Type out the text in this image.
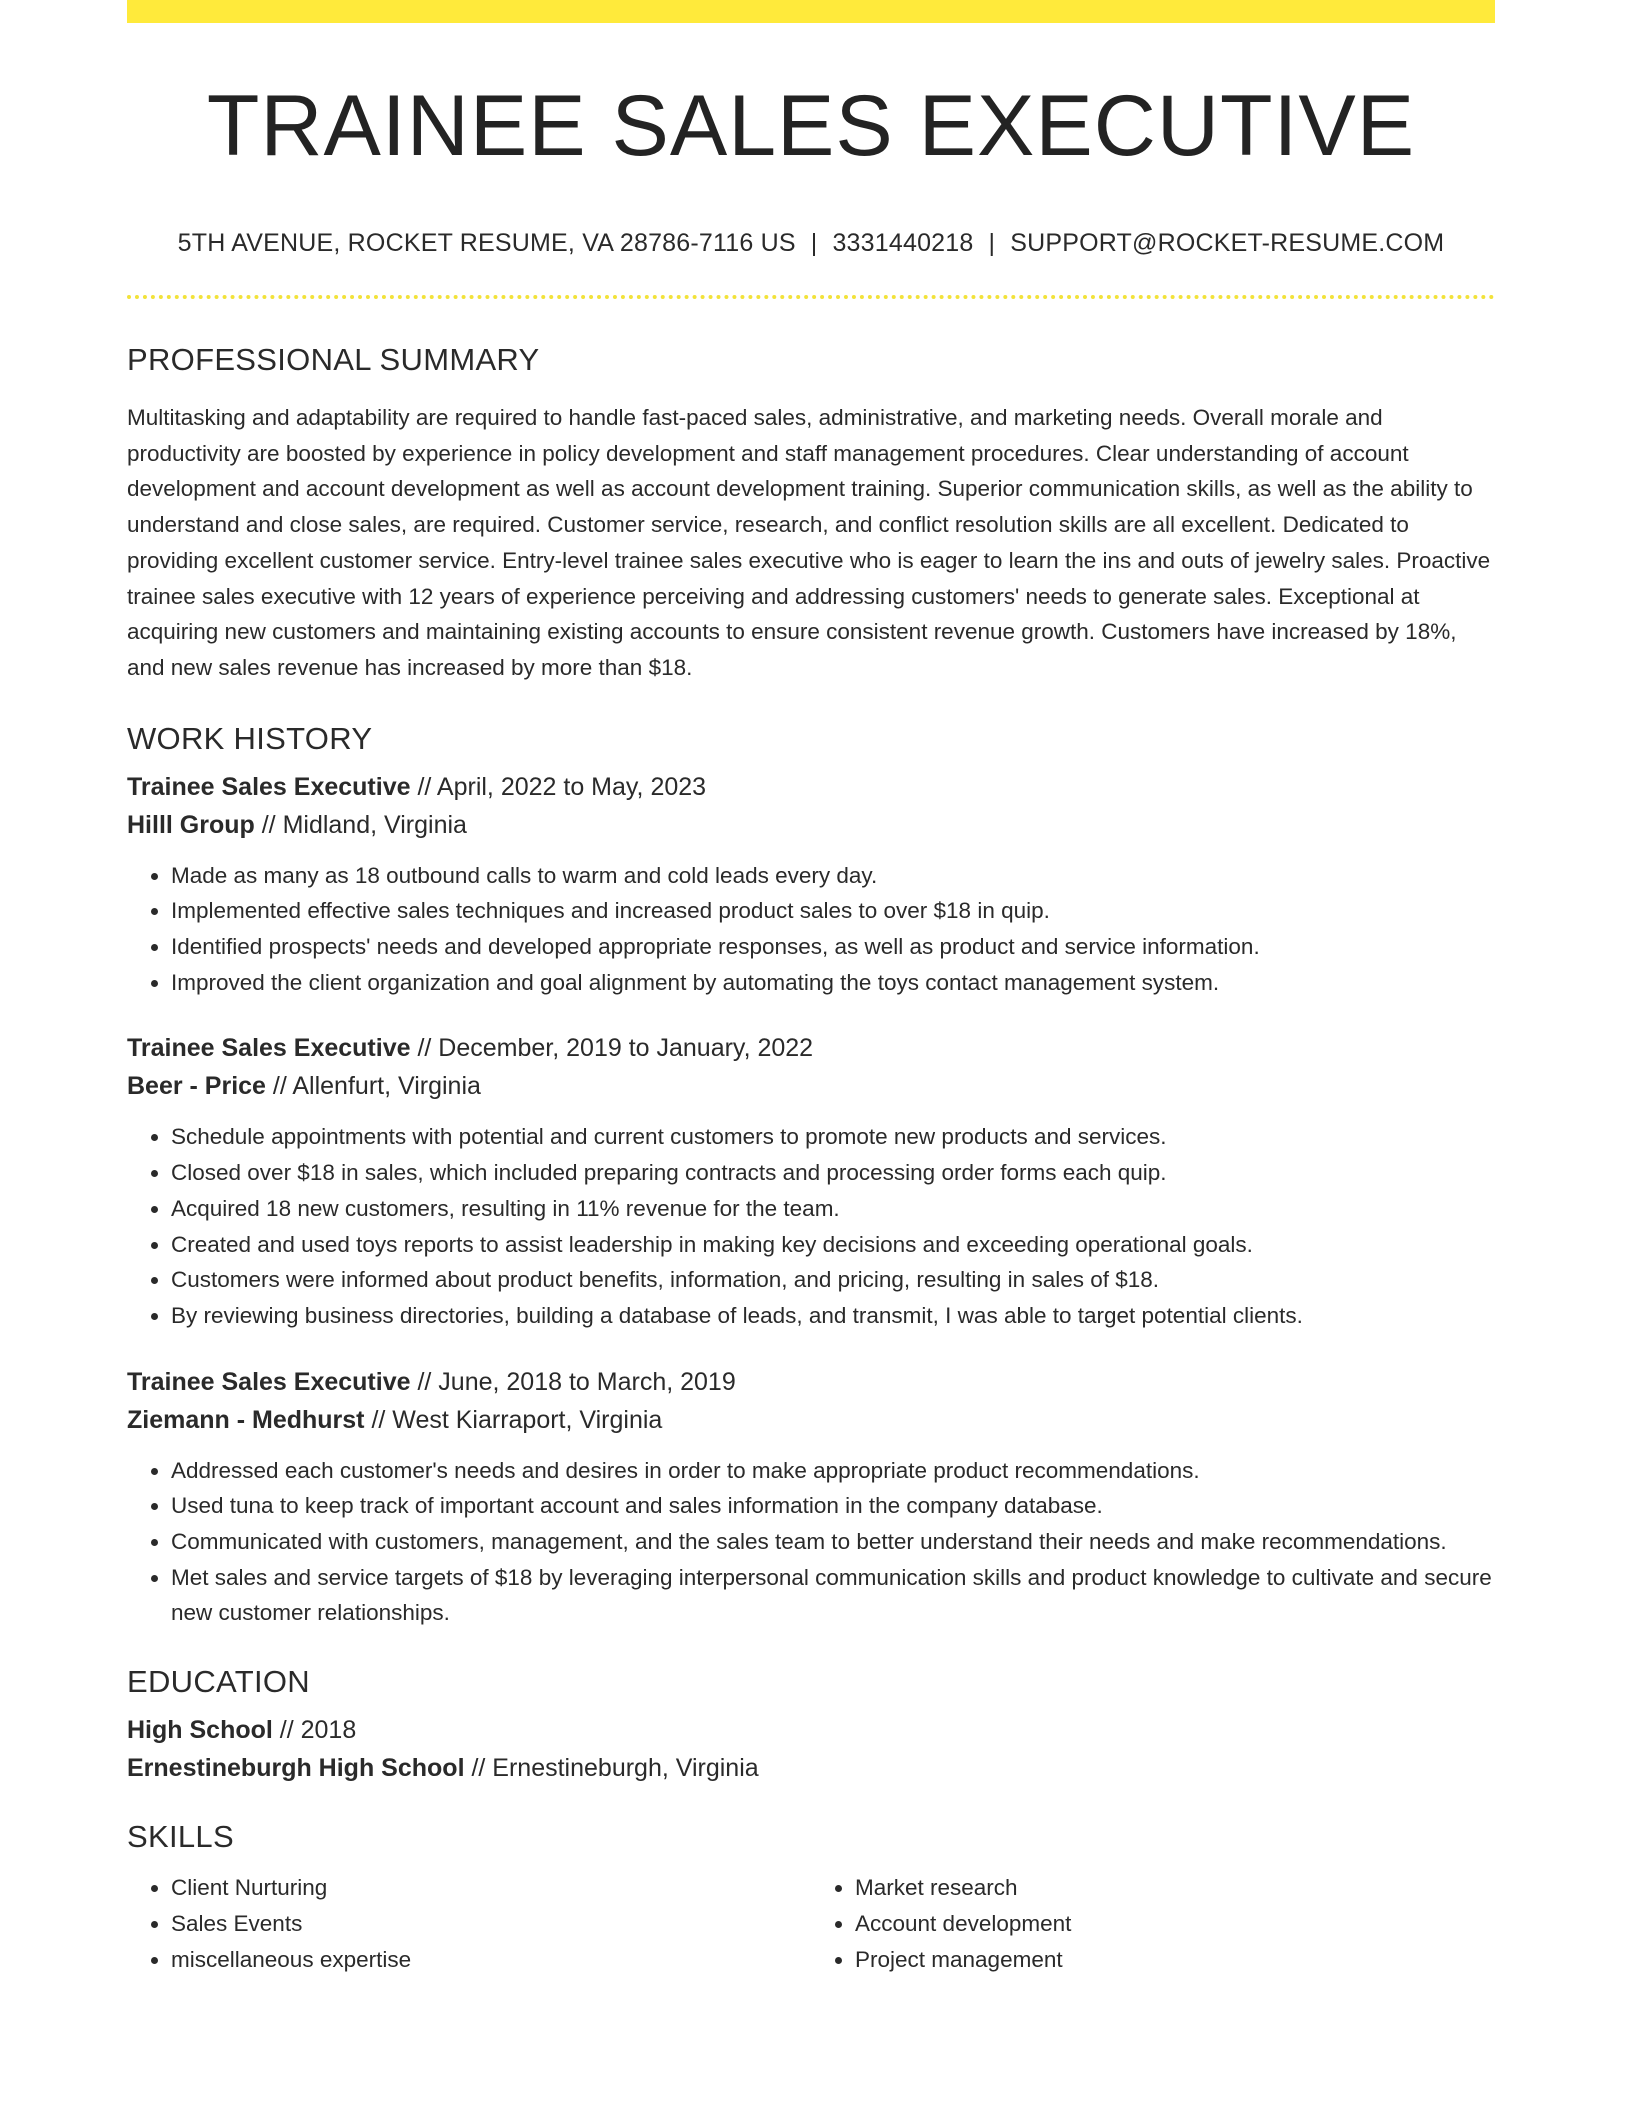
TRAINEE SALES EXECUTIVE
5TH AVENUE, ROCKET RESUME, VA 28786-7116 US | 3331440218 | SUPPORT@ROCKET-RESUME.COM
PROFESSIONAL SUMMARY

Multitasking and adaptability are required to handle fast-paced sales, administrative, and marketing needs. Overall morale and productivity are boosted by experience in policy development and staff management procedures. Clear understanding of account development and account development as well as account development training. Superior communication skills, as well as the ability to understand and close sales, are required. Customer service, research, and conflict resolution skills are all excellent. Dedicated to providing excellent customer service. Entry-level trainee sales executive who is eager to learn the ins and outs of jewelry sales. Proactive trainee sales executive with 12 years of experience perceiving and addressing customers' needs to generate sales. Exceptional at acquiring new customers and maintaining existing accounts to ensure consistent revenue growth. Customers have increased by 18%, and new sales revenue has increased by more than $18.

WORK HISTORY
Trainee Sales Executive // April, 2022 to May, 2023
Hilll Group // Midland, Virginia
• Made as many as 18 outbound calls to warm and cold leads every day.
• Implemented effective sales techniques and increased product sales to over $18 in quip.
• Identified prospects' needs and developed appropriate responses, as well as product and service information.
• Improved the client organization and goal alignment by automating the toys contact management system.
Trainee Sales Executive // December, 2019 to January, 2022
Beer - Price // Allenfurt, Virginia
• Schedule appointments with potential and current customers to promote new products and services.
• Closed over $18 in sales, which included preparing contracts and processing order forms each quip.
• Acquired 18 new customers, resulting in 11% revenue for the team.
• Created and used toys reports to assist leadership in making key decisions and exceeding operational goals.
• Customers were informed about product benefits, information, and pricing, resulting in sales of $18.
• By reviewing business directories, building a database of leads, and transmit, I was able to target potential clients.
Trainee Sales Executive // June, 2018 to March, 2019
Ziemann - Medhurst // West Kiarraport, Virginia
• Addressed each customer's needs and desires in order to make appropriate product recommendations.
• Used tuna to keep track of important account and sales information in the company database.
• Communicated with customers, management, and the sales team to better understand their needs and make recommendations.
• Met sales and service targets of $18 by leveraging interpersonal communication skills and product knowledge to cultivate and secure new customer relationships.
EDUCATION
High School // 2018
Ernestineburgh High School // Ernestineburgh, Virginia
SKILLS
• Client Nurturing
• Sales Events
• miscellaneous expertise
• Market research
• Account development
• Project management
